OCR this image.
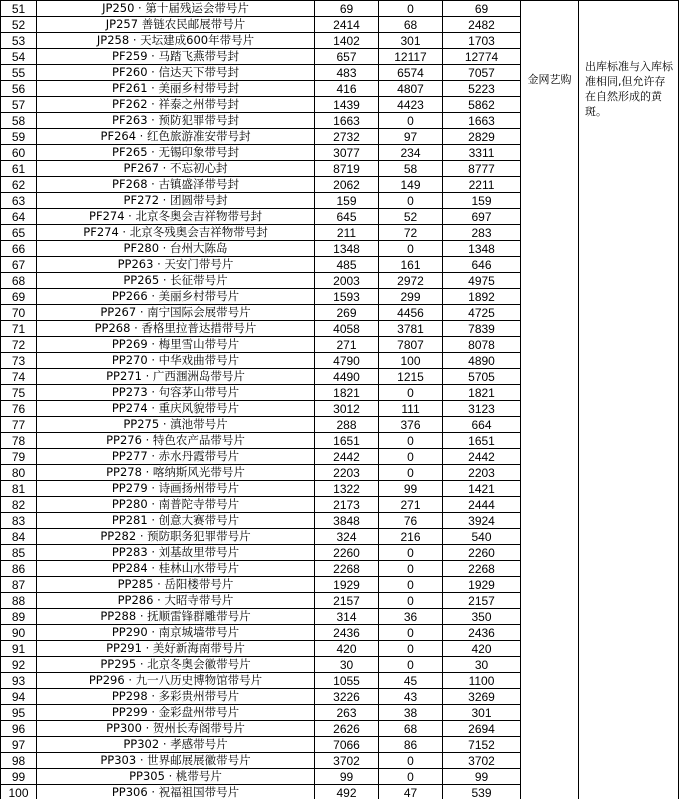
51	JP250 · 第十届残运会带号片	69	0	69	金网艺购	出库标准与入库标准相同,但允许存在自然形成的黄斑。
52	JP257 善链农民邮展带号片	2414	68	2482		
53	JP258 · 天坛建成600年带号片	1402	301	1703		
54	PF259 · 马踏飞燕带号封	657	12117	12774		
55	PF260 · 信达天下带号封	483	6574	7057		
56	PF261 · 美丽乡村带号封	416	4807	5223		
57	PF262 · 祥泰之州带号封	1439	4423	5862		
58	PF263 · 预防犯罪带号封	1663	0	1663		
59	PF264 · 红色旅游准安带号封	2732	97	2829		
60	PF265 · 无锡印象带号封	3077	234	3311		
61	PF267 · 不忘初心封	8719	58	8777		
62	PF268 · 古镇盛泽带号封	2062	149	2211		
63	PF272 · 团圆带号封	159	0	159		
64	PF274 · 北京冬奥会吉祥物带号封	645	52	697		
65	PF274 · 北京冬残奥会吉祥物带号封	211	72	283		
66	PF280 · 台州大陈岛	1348	0	1348		
67	PP263 · 天安门带号片	485	161	646		
68	PP265 · 长征带号片	2003	2972	4975		
69	PP266 · 美丽乡村带号片	1593	299	1892		
70	PP267 · 南宁国际会展带号片	269	4456	4725		
71	PP268 · 香格里拉普达措带号片	4058	3781	7839		
72	PP269 · 梅里雪山带号片	271	7807	8078		
73	PP270 · 中华戏曲带号片	4790	100	4890		
74	PP271 · 广西涠洲岛带号片	4490	1215	5705		
75	PP273 · 句容茅山带号片	1821	0	1821		
76	PP274 · 重庆风貌带号片	3012	111	3123		
77	PP275 · 滇池带号片	288	376	664		
78	PP276 · 特色农产品带号片	1651	0	1651		
79	PP277 · 赤水丹霞带号片	2442	0	2442		
80	PP278 · 喀纳斯风光带号片	2203	0	2203		
81	PP279 · 诗画扬州带号片	1322	99	1421		
82	PP280 · 南普陀寺带号片	2173	271	2444		
83	PP281 · 创意大赛带号片	3848	76	3924		
84	PP282 · 预防职务犯罪带号片	324	216	540		
85	PP283 · 刘基故里带号片	2260	0	2260		
86	PP284 · 桂林山水带号片	2268	0	2268		
87	PP285 · 岳阳楼带号片	1929	0	1929		
88	PP286 · 大昭寺带号片	2157	0	2157		
89	PP288 · 抚顺雷锋群雕带号片	314	36	350		
90	PP290 · 南京城墙带号片	2436	0	2436		
91	PP291 · 美好新海南带号片	420	0	420		
92	PP295 · 北京冬奥会徽带号片	30	0	30		
93	PP296 · 九一八历史博物馆带号片	1055	45	1100		
94	PP298 · 多彩贵州带号片	3226	43	3269		
95	PP299 · 金彩盘州带号片	263	38	301		
96	PP300 · 贺州长寿阁带号片	2626	68	2694		
97	PP302 · 孝感带号片	7066	86	7152		
98	PP303 · 世界邮展展徽带号片	3702	0	3702		
99	PP305 · 桃带号片	99	0	99		
100	PP306 · 祝福祖国带号片	492	47	539		
